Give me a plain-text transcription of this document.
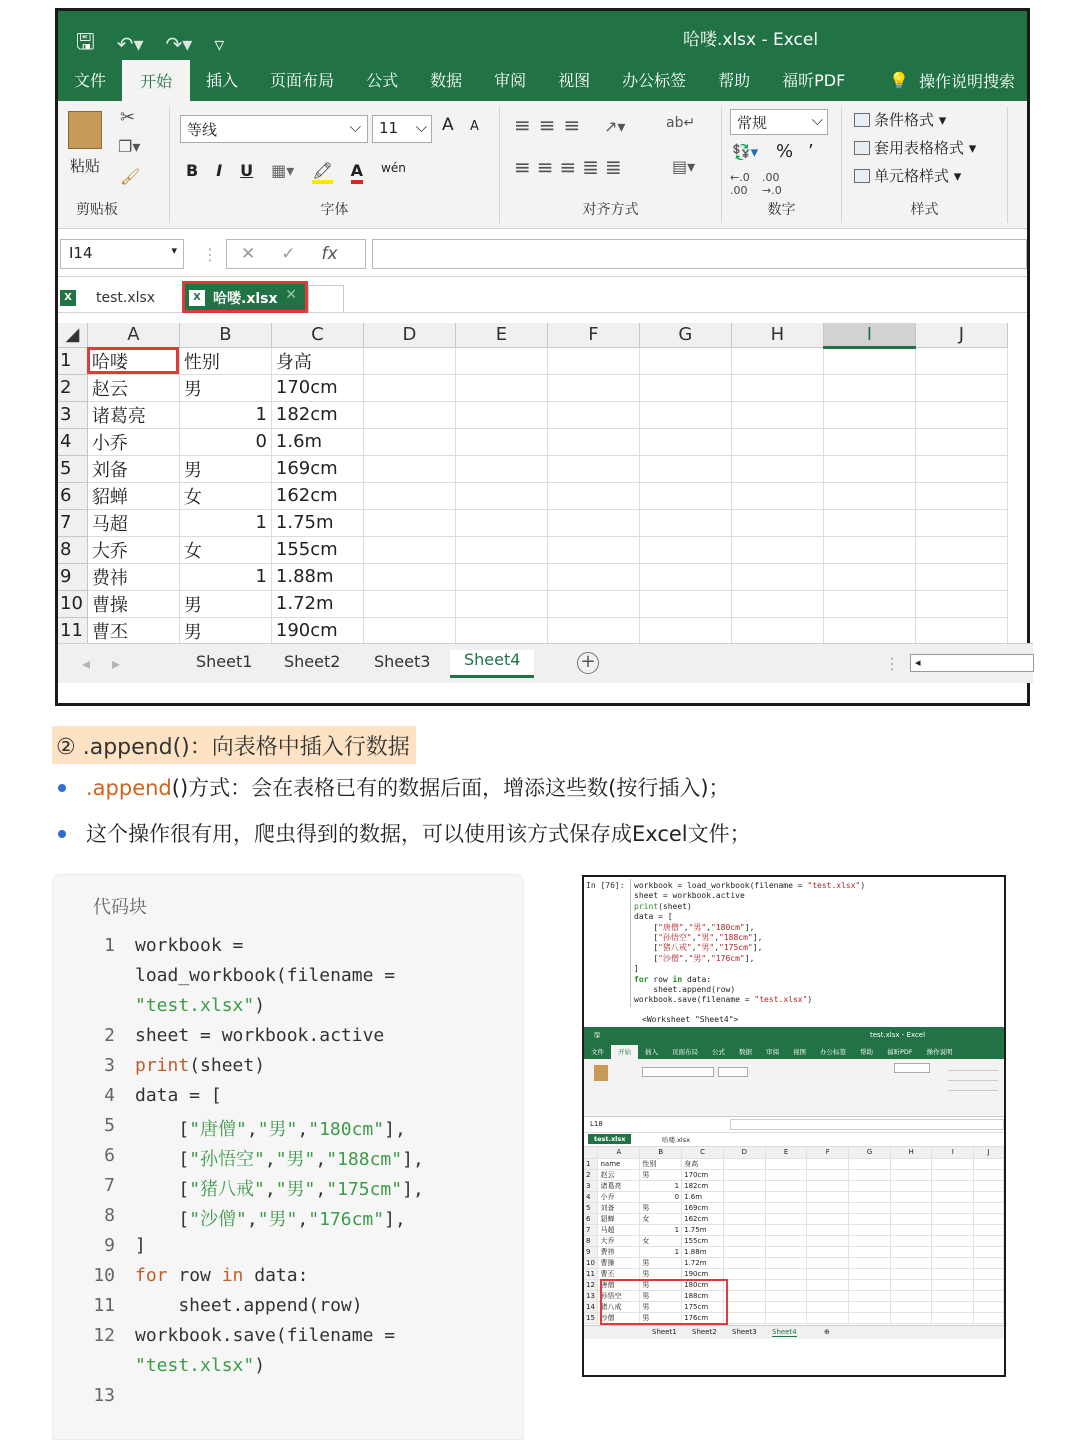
🖫 ↶▾ ↷▾ ▿	哈喽.xlsx - Excel
文件	开始	插入	页面布局	公式	数据	审阅	视图	办公标签	帮助	福昕PDF	💡 操作说明搜索
粘贴
✂
❐▾
🖌
剪贴板
等线	⌵	11 ⌵ A A
B I U ▦▾ 🖍 A wén
字体
≡≡≡ ↗▾	ab↵
≡≡≡≣≣	▤▾
对齐方式
常规	⌵
💱▾ % ’
←.0
.00
.00
→.0
数字
条件格式 ▾
套用表格格式 ▾
单元格样式 ▾
样式
I14	▾ ⋮ ✕ ✓ fx
X test.xlsx	X 哈喽.xlsx ✕
◢	A	B	C	D	E	F	G	H	I	J
1	哈喽	性别	身高							
2	赵云	男	170cm							
3	诸葛亮	1	182cm							
4	小乔	0	1.6m							
5	刘备	男	169cm							
6	貂蝉	女	162cm							
7	马超	1	1.75m							
8	大乔	女	155cm							
9	费祎	1	1.88m							
10	曹操	男	1.72m							
11	曹丕	男	190cm							

◂ ▸	+	⋮	◂
Sheet1 Sheet2 Sheet3	Sheet4
② .append()：向表格中插入行数据
.append()方式：会在表格已有的数据后面，增添这些数(按行插入)；
这个操作很有用，爬虫得到的数据，可以使用该方式保存成Excel文件；
代码块
1 workbook =
load_workbook(filename =
"test.xlsx")
2 sheet = workbook.active
3 print(sheet)
4 data = [
5 ["唐僧","男","180cm"],
6 ["孙悟空","男","188cm"],
7 ["猪八戒","男","175cm"],
8 ["沙僧","男","176cm"],
9 ]
10 for row in data:
11 sheet.append(row)
12 workbook.save(filename =
"test.xlsx")
13
In [76]:	workbook = load_workbook(filename = "test.xlsx")
sheet = workbook.active
print(sheet)
data = [
["唐僧","男","180cm"],
["孙悟空","男","188cm"],
["猪八戒","男","175cm"],
["沙僧","男","176cm"],
]
for row in data:
sheet.append(row)
workbook.save(filename = "test.xlsx")
<Worksheet "Sheet4">
🖫	test.xlsx - Excel
文件	开始	插入	页面布局	公式	数据	审阅	视图	办公标签	帮助	福昕PDF	操作说明
L18
test.xlsx	哈喽.xlsx
	A	B	C	D	E	F	G	H	I	J
1	name	性别	身高							
2	赵云	男	170cm							
3	诸葛亮	1	182cm							
4	小乔	0	1.6m							
5	刘备	男	169cm							
6	貂蝉	女	162cm							
7	马超	1	1.75m							
8	大乔	女	155cm							
9	费祎	1	1.88m							
10	曹操	男	1.72m							
11	曹丕	男	190cm							
12	唐僧	男	180cm							
13	孙悟空	男	188cm							
14	猪八戒	男	175cm							
15	沙僧	男	176cm							
Sheet1 Sheet2 Sheet3 Sheet4	⊕
